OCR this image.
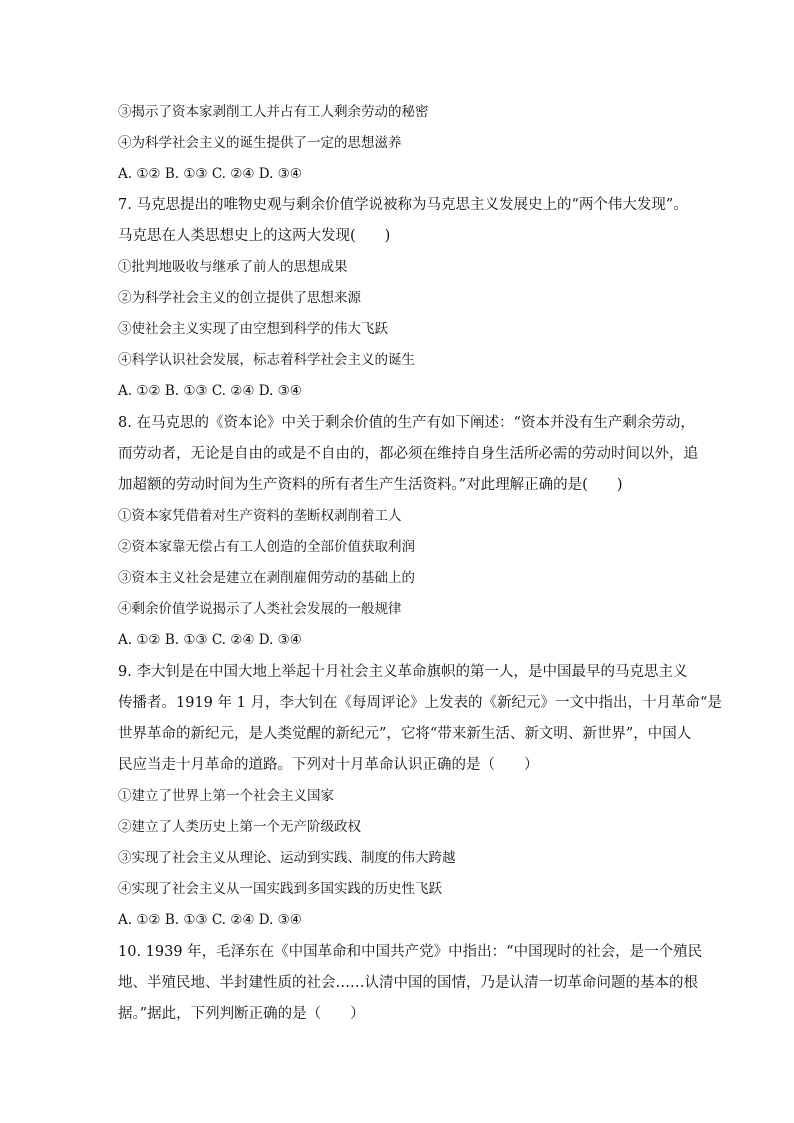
③揭示了资本家剥削工人并占有工人剩余劳动的秘密
④为科学社会主义的诞生提供了一定的思想滋养
A. ①② B. ①③ C. ②④ D. ③④
7. 马克思提出的唯物史观与剩余价值学说被称为马克思主义发展史上的“两个伟大发现”。
马克思在人类思想史上的这两大发现(　　)
①批判地吸收与继承了前人的思想成果
②为科学社会主义的创立提供了思想来源
③使社会主义实现了由空想到科学的伟大飞跃
④科学认识社会发展，标志着科学社会主义的诞生
A. ①② B. ①③ C. ②④ D. ③④
8. 在马克思的《资本论》中关于剩余价值的生产有如下阐述：“资本并没有生产剩余劳动，
而劳动者，无论是自由的或是不自由的，都必须在维持自身生活所必需的劳动时间以外，追
加超额的劳动时间为生产资料的所有者生产生活资料。”对此理解正确的是(　　)
①资本家凭借着对生产资料的垄断权剥削着工人
②资本家靠无偿占有工人创造的全部价值获取利润
③资本主义社会是建立在剥削雇佣劳动的基础上的
④剩余价值学说揭示了人类社会发展的一般规律
A. ①② B. ①③ C. ②④ D. ③④
9. 李大钊是在中国大地上举起十月社会主义革命旗帜的第一人，是中国最早的马克思主义
传播者。1919 年 1 月，李大钊在《每周评论》上发表的《新纪元》一文中指出，十月革命“是
世界革命的新纪元，是人类觉醒的新纪元”，它将“带来新生活、新文明、新世界”，中国人
民应当走十月革命的道路。下列对十月革命认识正确的是（　　）
①建立了世界上第一个社会主义国家
②建立了人类历史上第一个无产阶级政权
③实现了社会主义从理论、运动到实践、制度的伟大跨越
④实现了社会主义从一国实践到多国实践的历史性飞跃
A. ①② B. ①③ C. ②④ D. ③④
10. 1939 年，毛泽东在《中国革命和中国共产党》中指出：“中国现时的社会，是一个殖民
地、半殖民地、半封建性质的社会……认清中国的国情，乃是认清一切革命问题的基本的根
据。”据此，下列判断正确的是（　　）
